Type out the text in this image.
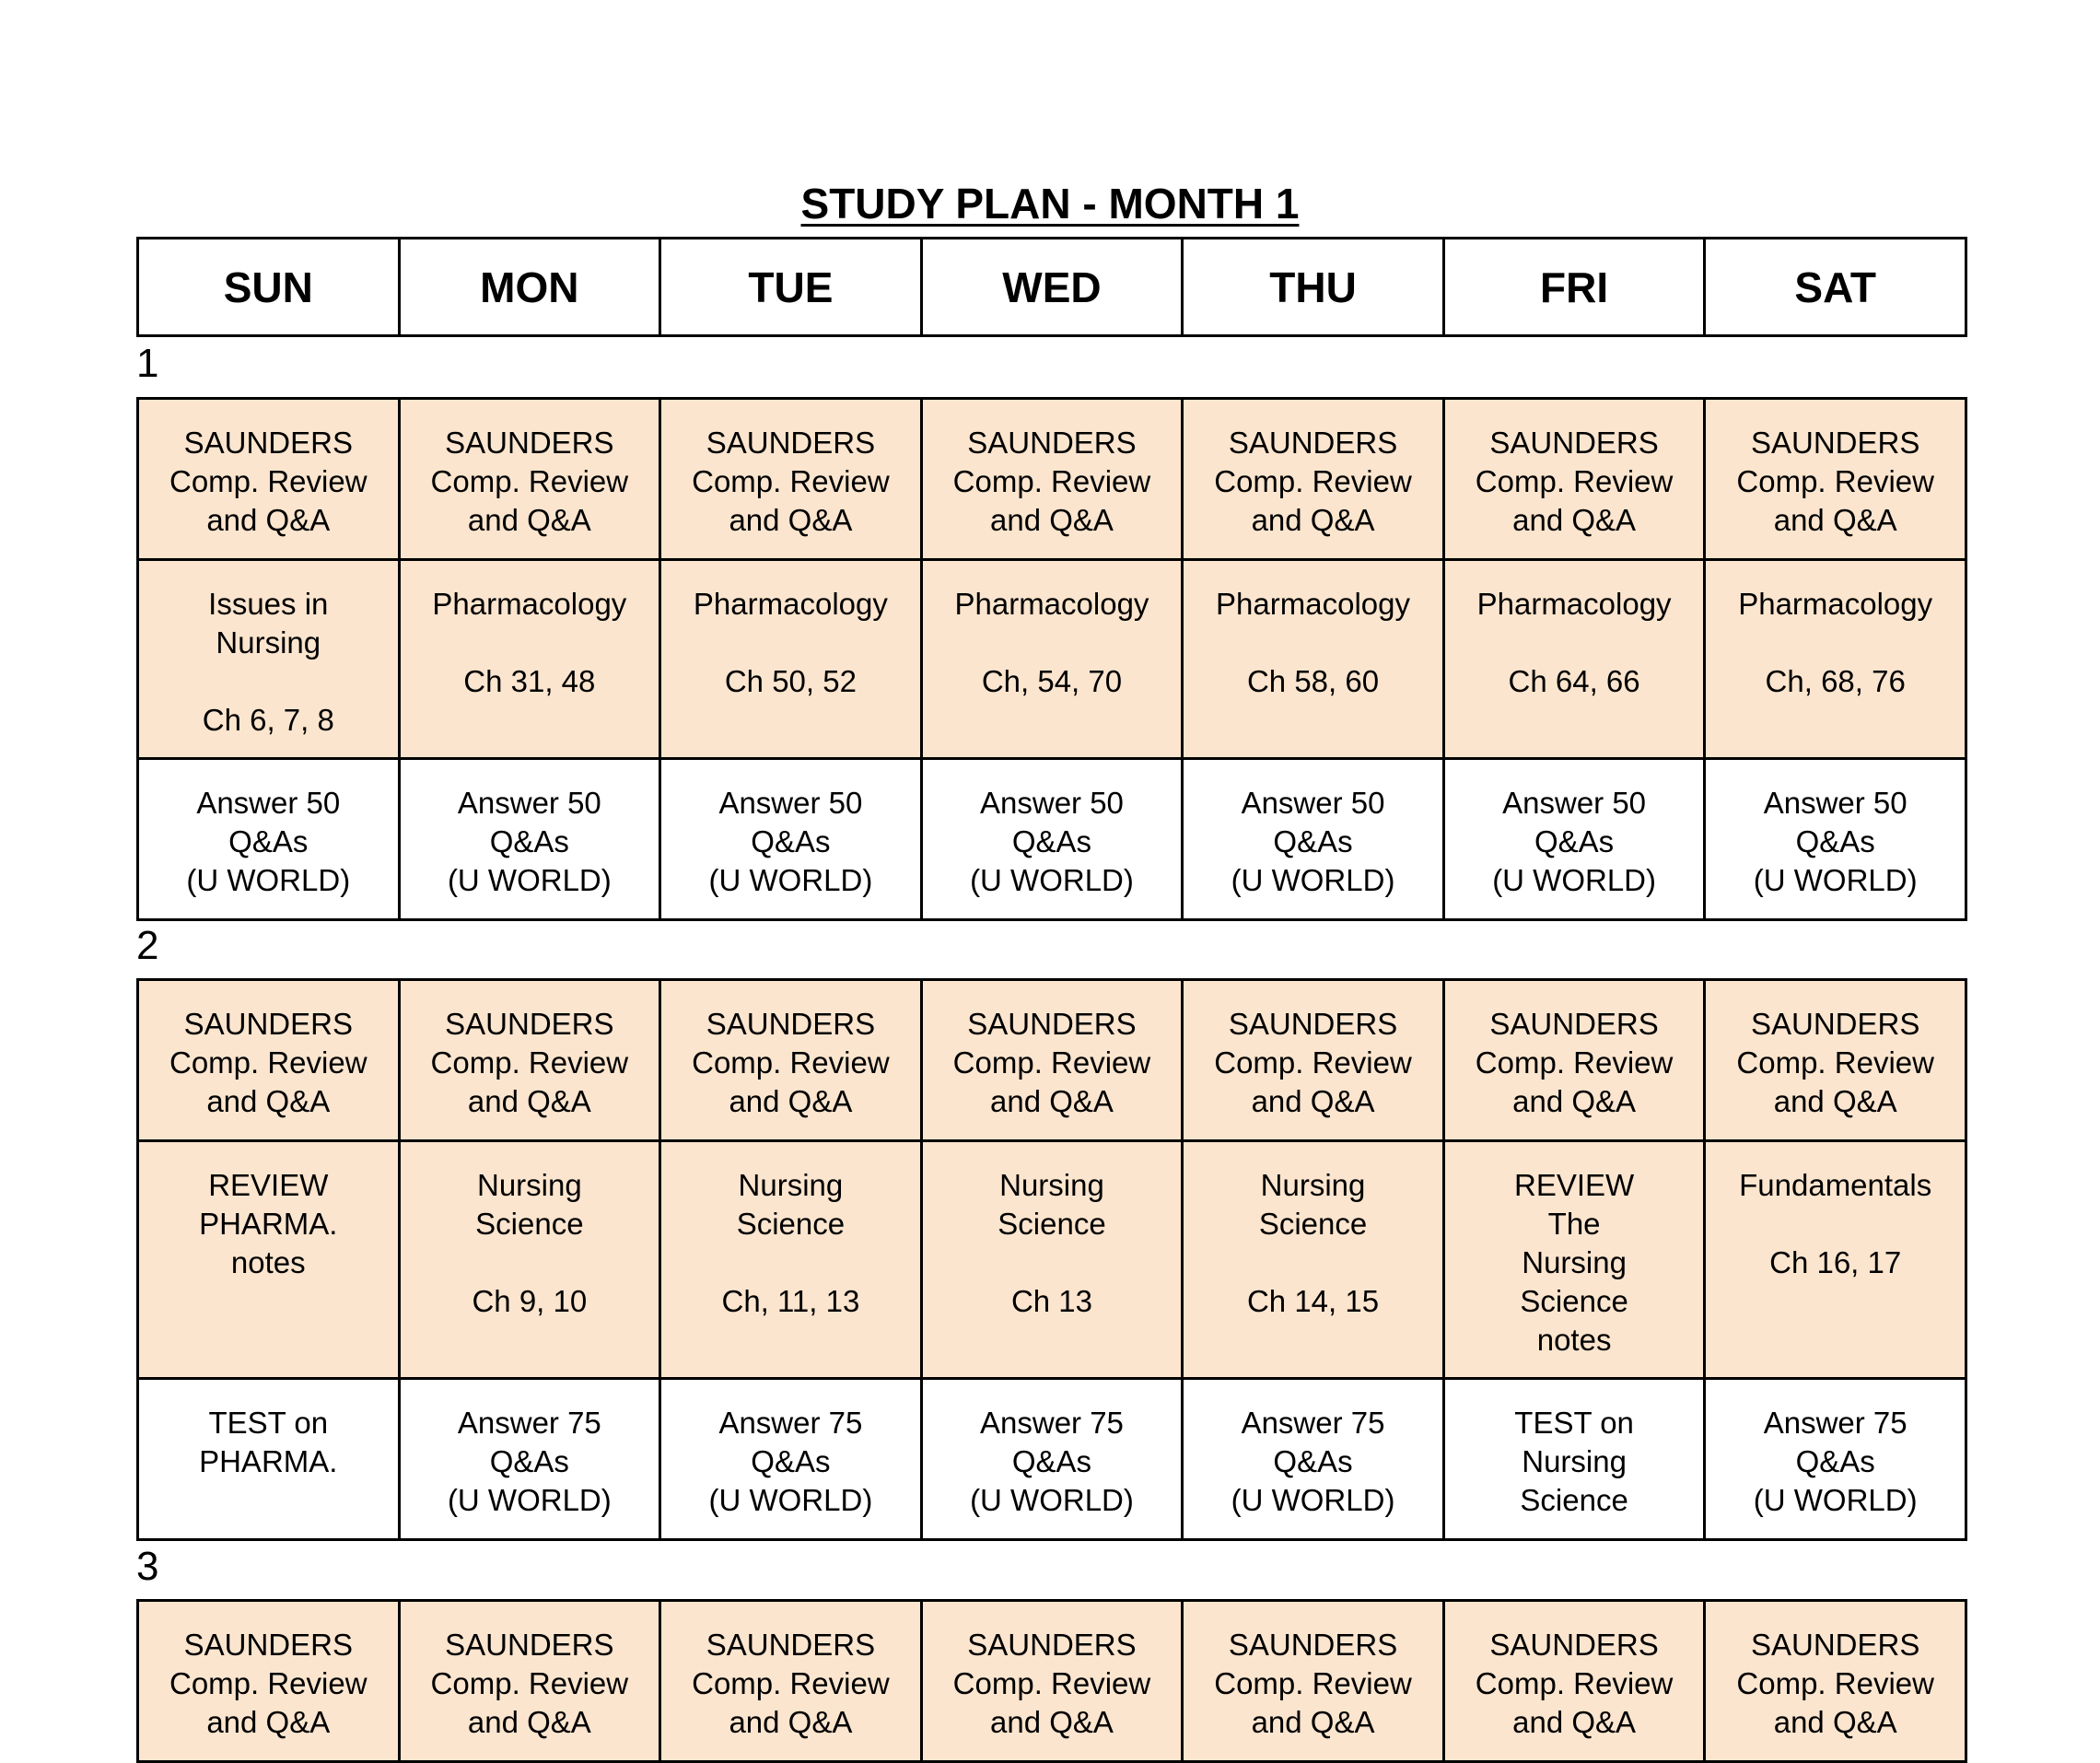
STUDY PLAN - MONTH 1
SUN	MON	TUE	WED	THU	FRI	SAT
1
SAUNDERS
Comp. Review
and Q&A	SAUNDERS
Comp. Review
and Q&A	SAUNDERS
Comp. Review
and Q&A	SAUNDERS
Comp. Review
and Q&A	SAUNDERS
Comp. Review
and Q&A	SAUNDERS
Comp. Review
and Q&A	SAUNDERS
Comp. Review
and Q&A
Issues in
Nursing

Ch 6, 7, 8	Pharmacology

Ch 31, 48	Pharmacology

Ch 50, 52	Pharmacology

Ch, 54, 70	Pharmacology

Ch 58, 60	Pharmacology

Ch 64, 66	Pharmacology

Ch, 68, 76
Answer 50
Q&As
(U WORLD)	Answer 50
Q&As
(U WORLD)	Answer 50
Q&As
(U WORLD)	Answer 50
Q&As
(U WORLD)	Answer 50
Q&As
(U WORLD)	Answer 50
Q&As
(U WORLD)	Answer 50
Q&As
(U WORLD)
2
SAUNDERS
Comp. Review
and Q&A	SAUNDERS
Comp. Review
and Q&A	SAUNDERS
Comp. Review
and Q&A	SAUNDERS
Comp. Review
and Q&A	SAUNDERS
Comp. Review
and Q&A	SAUNDERS
Comp. Review
and Q&A	SAUNDERS
Comp. Review
and Q&A
REVIEW
PHARMA.
notes	Nursing
Science

Ch 9, 10	Nursing
Science

Ch, 11, 13	Nursing
Science

Ch 13	Nursing
Science

Ch 14, 15	REVIEW
The
Nursing
Science
notes	Fundamentals

Ch 16, 17
TEST on
PHARMA.	Answer 75
Q&As
(U WORLD)	Answer 75
Q&As
(U WORLD)	Answer 75
Q&As
(U WORLD)	Answer 75
Q&As
(U WORLD)	TEST on
Nursing
Science	Answer 75
Q&As
(U WORLD)
3
SAUNDERS
Comp. Review
and Q&A	SAUNDERS
Comp. Review
and Q&A	SAUNDERS
Comp. Review
and Q&A	SAUNDERS
Comp. Review
and Q&A	SAUNDERS
Comp. Review
and Q&A	SAUNDERS
Comp. Review
and Q&A	SAUNDERS
Comp. Review
and Q&A
